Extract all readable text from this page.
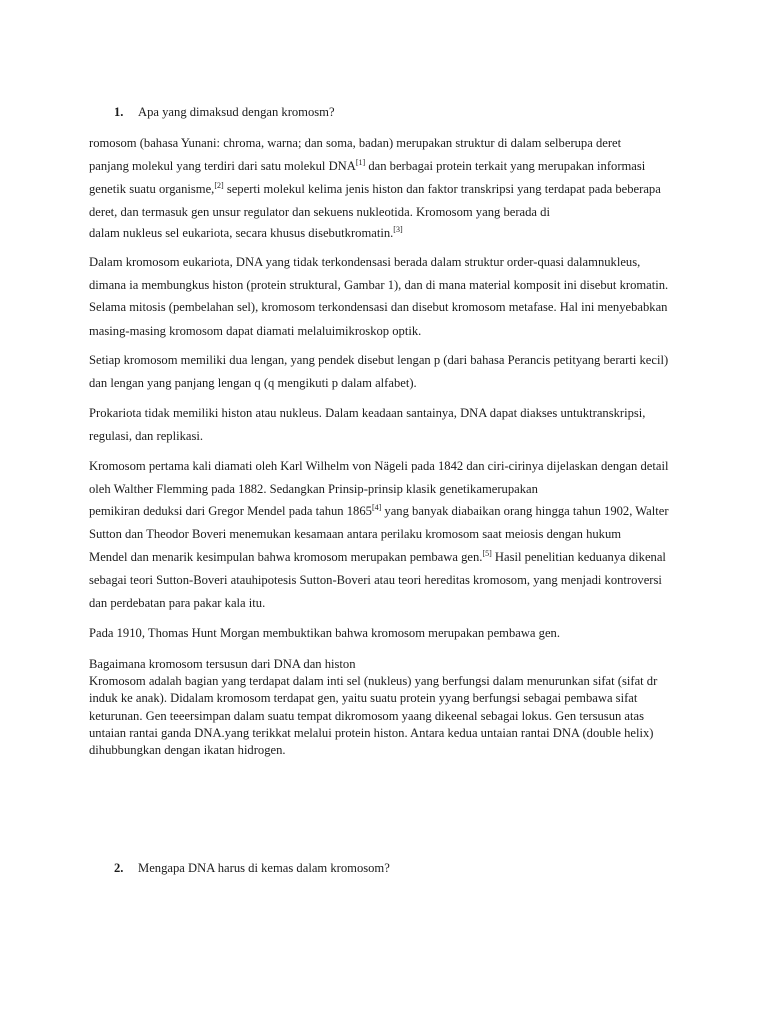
1. Apa yang dimaksud dengan kromosm?
romosom (bahasa Yunani: chroma, warna; dan soma, badan) merupakan struktur di dalam selberupa deret
panjang molekul yang terdiri dari satu molekul DNA[1] dan berbagai protein terkait yang merupakan informasi
genetik suatu organisme,[2] seperti molekul kelima jenis histon dan faktor transkripsi yang terdapat pada beberapa
deret, dan termasuk gen unsur regulator dan sekuens nukleotida. Kromosom yang berada di
dalam nukleus sel eukariota, secara khusus disebutkromatin.[3]
Dalam kromosom eukariota, DNA yang tidak terkondensasi berada dalam struktur order-quasi dalamnukleus,
dimana ia membungkus histon (protein struktural, Gambar 1), dan di mana material komposit ini disebut kromatin.
Selama mitosis (pembelahan sel), kromosom terkondensasi dan disebut kromosom metafase. Hal ini menyebabkan
masing-masing kromosom dapat diamati melaluimikroskop optik.
Setiap kromosom memiliki dua lengan, yang pendek disebut lengan p (dari bahasa Perancis petityang berarti kecil)
dan lengan yang panjang lengan q (q mengikuti p dalam alfabet).
Prokariota tidak memiliki histon atau nukleus. Dalam keadaan santainya, DNA dapat diakses untuktranskripsi,
regulasi, dan replikasi.
Kromosom pertama kali diamati oleh Karl Wilhelm von Nägeli pada 1842 dan ciri-cirinya dijelaskan dengan detail
oleh Walther Flemming pada 1882. Sedangkan Prinsip-prinsip klasik genetikamerupakan
pemikiran deduksi dari Gregor Mendel pada tahun 1865[4] yang banyak diabaikan orang hingga tahun 1902, Walter
Sutton dan Theodor Boveri menemukan kesamaan antara perilaku kromosom saat meiosis dengan hukum
Mendel dan menarik kesimpulan bahwa kromosom merupakan pembawa gen.[5] Hasil penelitian keduanya dikenal
sebagai teori Sutton-Boveri atauhipotesis Sutton-Boveri atau teori hereditas kromosom, yang menjadi kontroversi
dan perdebatan para pakar kala itu.
Pada 1910, Thomas Hunt Morgan membuktikan bahwa kromosom merupakan pembawa gen.
Bagaimana kromosom tersusun dari DNA dan histon
Kromosom adalah bagian yang terdapat dalam inti sel (nukleus) yang berfungsi dalam menurunkan sifat (sifat dr
induk ke anak). Didalam kromosom terdapat gen, yaitu suatu protein yyang berfungsi sebagai pembawa sifat
keturunan. Gen teeersimpan dalam suatu tempat dikromosom yaang dikeenal sebagai lokus. Gen tersusun atas
untaian rantai ganda DNA.yang terikkat melalui protein histon. Antara kedua untaian rantai DNA (double helix)
dihubbungkan dengan ikatan hidrogen.
2. Mengapa DNA harus di kemas dalam kromosom?
